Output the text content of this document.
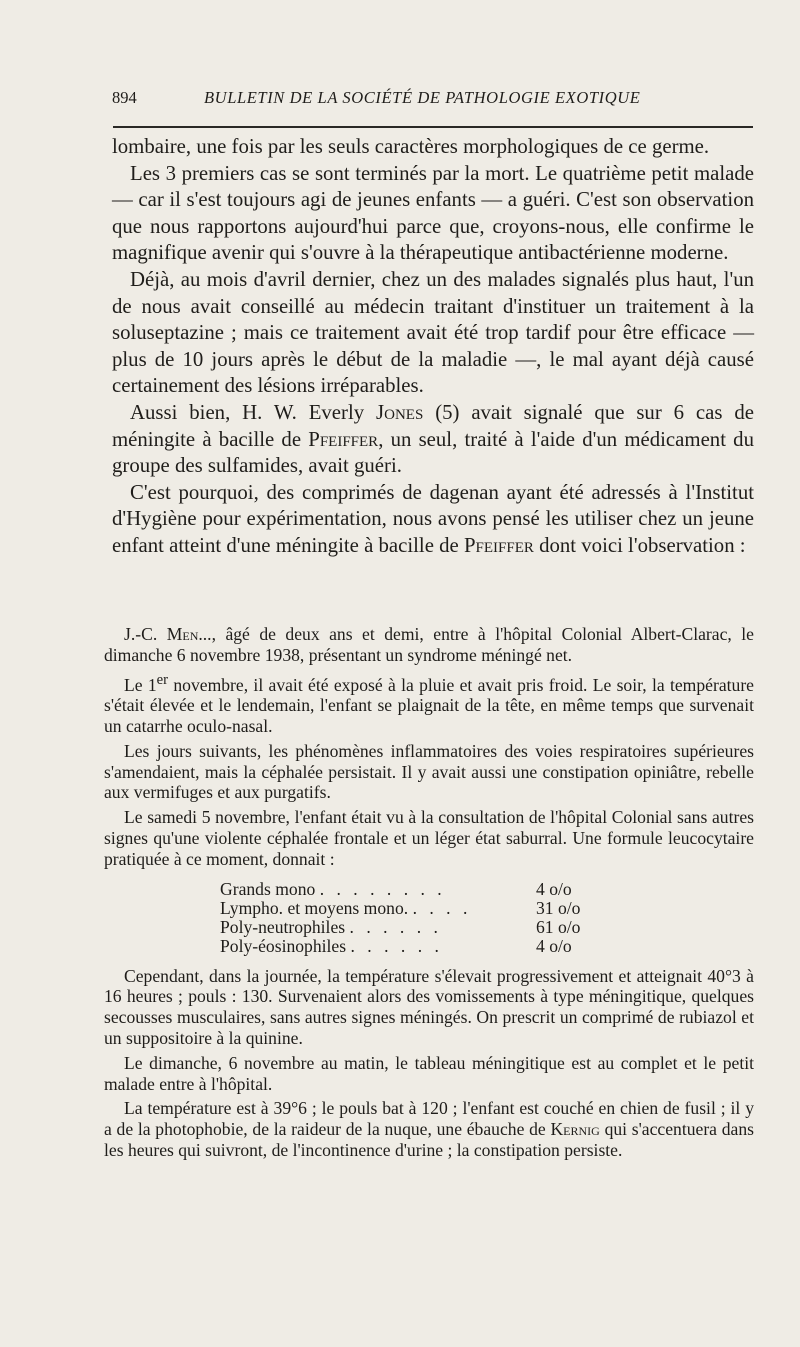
894	BULLETIN DE LA SOCIÉTÉ DE PATHOLOGIE EXOTIQUE

lombaire, une fois par les seuls caractères morphologiques de ce germe.

Les 3 premiers cas se sont terminés par la mort. Le quatrième petit malade — car il s'est toujours agi de jeunes enfants — a guéri. C'est son observation que nous rapportons aujourd'hui parce que, croyons-nous, elle confirme le magnifique avenir qui s'ouvre à la thérapeutique antibactérienne moderne.

Déjà, au mois d'avril dernier, chez un des malades signalés plus haut, l'un de nous avait conseillé au médecin traitant d'instituer un traitement à la soluseptazine ; mais ce traitement avait été trop tardif pour être efficace — plus de 10 jours après le début de la maladie —, le mal ayant déjà causé certainement des lésions irréparables.

Aussi bien, H. W. Everly Jones (5) avait signalé que sur 6 cas de méningite à bacille de Pfeiffer, un seul, traité à l'aide d'un médicament du groupe des sulfamides, avait guéri.

C'est pourquoi, des comprimés de dagenan ayant été adressés à l'Institut d'Hygiène pour expérimentation, nous avons pensé les utiliser chez un jeune enfant atteint d'une méningite à bacille de Pfeiffer dont voici l'observation :

J.-C. Men..., âgé de deux ans et demi, entre à l'hôpital Colonial Albert-Clarac, le dimanche 6 novembre 1938, présentant un syndrome méningé net.

Le 1er novembre, il avait été exposé à la pluie et avait pris froid. Le soir, la température s'était élevée et le lendemain, l'enfant se plaignait de la tête, en même temps que survenait un catarrhe oculo-nasal.

Les jours suivants, les phénomènes inflammatoires des voies respiratoires supérieures s'amendaient, mais la céphalée persistait. Il y avait aussi une constipation opiniâtre, rebelle aux vermifuges et aux purgatifs.

Le samedi 5 novembre, l'enfant était vu à la consultation de l'hôpital Colonial sans autres signes qu'une violente céphalée frontale et un léger état saburral. Une formule leucocytaire pratiquée à ce moment, donnait :

Grands mono . . . . . . . .	4 o/o
Lympho. et moyens mono. . . . .	31 o/o
Poly-neutrophiles . . . . . .	61 o/o
Poly-éosinophiles . . . . . .	4 o/o

Cependant, dans la journée, la température s'élevait progressivement et atteignait 40°3 à 16 heures ; pouls : 130. Survenaient alors des vomissements à type méningitique, quelques secousses musculaires, sans autres signes méningés. On prescrit un comprimé de rubiazol et un suppositoire à la quinine.

Le dimanche, 6 novembre au matin, le tableau méningitique est au complet et le petit malade entre à l'hôpital.

La température est à 39°6 ; le pouls bat à 120 ; l'enfant est couché en chien de fusil ; il y a de la photophobie, de la raideur de la nuque, une ébauche de Kernig qui s'accentuera dans les heures qui suivront, de l'incontinence d'urine ; la constipation persiste.
